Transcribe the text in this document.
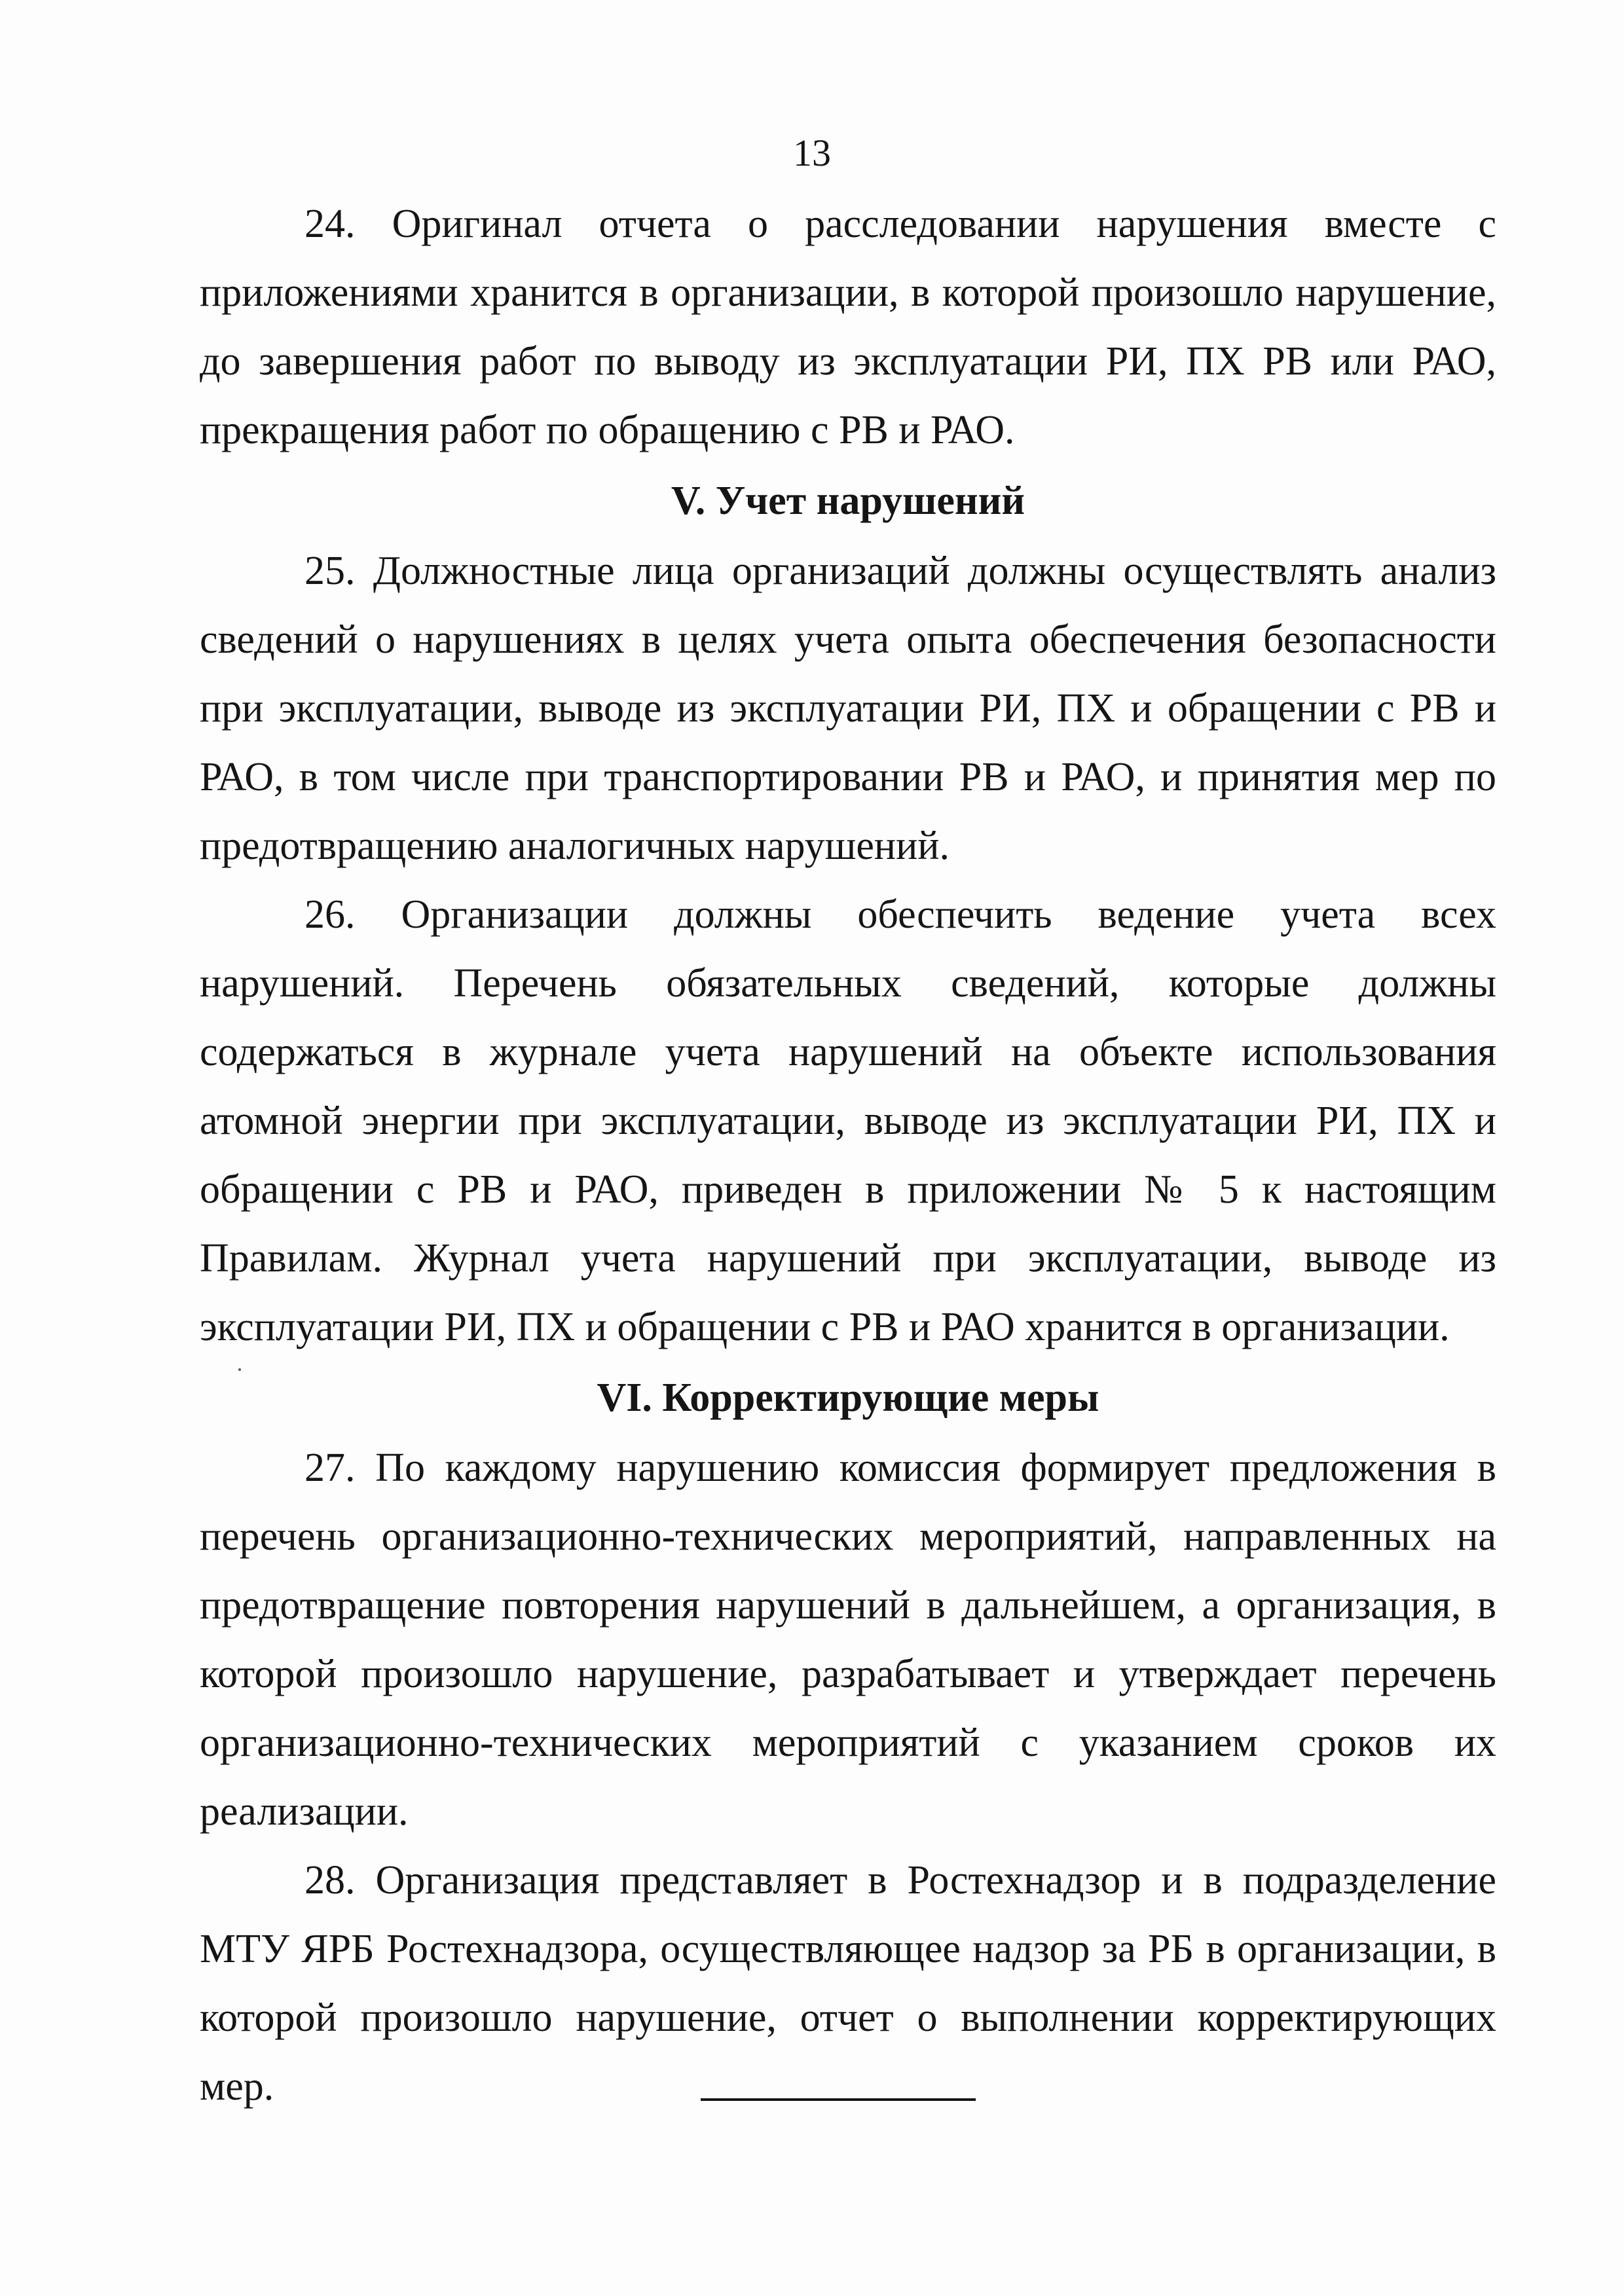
13

24. Оригинал отчета о расследовании нарушения вместе с приложениями хранится в организации, в которой произошло нарушение, до завершения работ по выводу из эксплуатации РИ, ПХ РВ или РАО, прекращения работ по обращению с РВ и РАО.

V. Учет нарушений

25. Должностные лица организаций должны осуществлять анализ сведений о нарушениях в целях учета опыта обеспечения безопасности при эксплуатации, выводе из эксплуатации РИ, ПХ и обращении с РВ и РАО, в том числе при транспортировании РВ и РАО, и принятия мер по предотвращению аналогичных нарушений.

26. Организации должны обеспечить ведение учета всех нарушений. Перечень обязательных сведений, которые должны содержаться в журнале учета нарушений на объекте использования атомной энергии при эксплуатации, выводе из эксплуатации РИ, ПХ и обращении с РВ и РАО, приведен в приложении № 5 к настоящим Правилам. Журнал учета нарушений при эксплуатации, выводе из эксплуатации РИ, ПХ и обращении с РВ и РАО хранится в организации.

VI. Корректирующие меры

27. По каждому нарушению комиссия формирует предложения в перечень организационно-технических мероприятий, направленных на предотвращение повторения нарушений в дальнейшем, а организация, в которой произошло нарушение, разрабатывает и утверждает перечень организационно-технических мероприятий с указанием сроков их реализации.

28. Организация представляет в Ростехнадзор и в подразделение МТУ ЯРБ Ростехнадзора, осуществляющее надзор за РБ в организации, в которой произошло нарушение, отчет о выполнении корректирующих мер.
